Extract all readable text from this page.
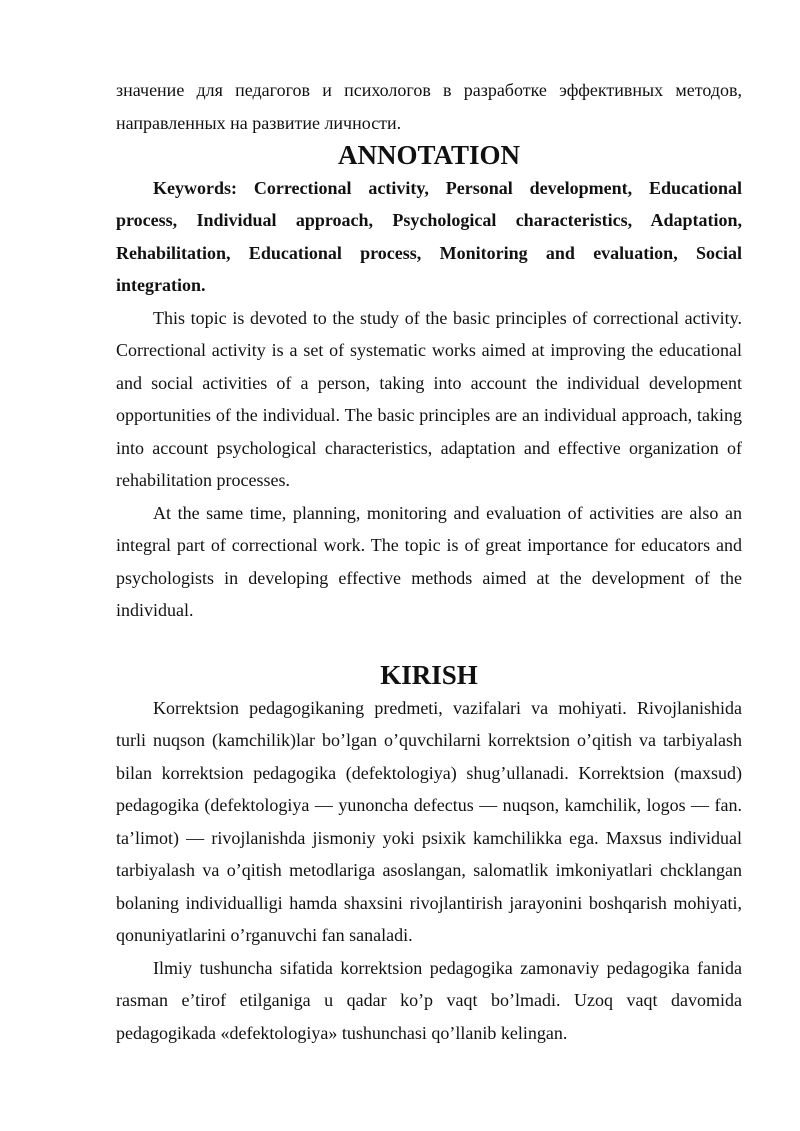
значение для педагогов и психологов в разработке эффективных методов, направленных на развитие личности.

ANNOTATION

Keywords: Correctional activity, Personal development, Educational process, Individual approach, Psychological characteristics, Adaptation, Rehabilitation, Educational process, Monitoring and evaluation, Social integration.

This topic is devoted to the study of the basic principles of correctional activity. Correctional activity is a set of systematic works aimed at improving the educational and social activities of a person, taking into account the individual development opportunities of the individual. The basic principles are an individual approach, taking into account psychological characteristics, adaptation and effective organization of rehabilitation processes.

At the same time, planning, monitoring and evaluation of activities are also an integral part of correctional work. The topic is of great importance for educators and psychologists in developing effective methods aimed at the development of the individual.

KIRISH

Korrektsion pedagogikaning predmeti, vazifalari va mohiyati. Rivojlanishida turli nuqson (kamchilik)lar bo’lgan o’quvchilarni korrektsion o’qitish va tarbiyalash bilan korrektsion pedagogika (defektologiya) shug’ullanadi. Korrektsion (maxsud) pedagogika (defektologiya — yunoncha defectus — nuqson, kamchilik, logos — fan. ta’limot) — rivojlanishda jismoniy yoki psixik kamchilikka ega. Maxsus individual tarbiyalash va o’qitish metodlariga asoslangan, salomatlik imkoniyatlari chcklangan bolaning individualligi hamda shaxsini rivojlantirish jarayonini boshqarish mohiyati, qonuniyatlarini o’rganuvchi fan sanaladi.

Ilmiy tushuncha sifatida korrektsion pedagogika zamonaviy pedagogika fanida rasman e’tirof etilganiga u qadar ko’p vaqt bo’lmadi. Uzoq vaqt davomida pedagogikada «defektologiya» tushunchasi qo’llanib kelingan.
